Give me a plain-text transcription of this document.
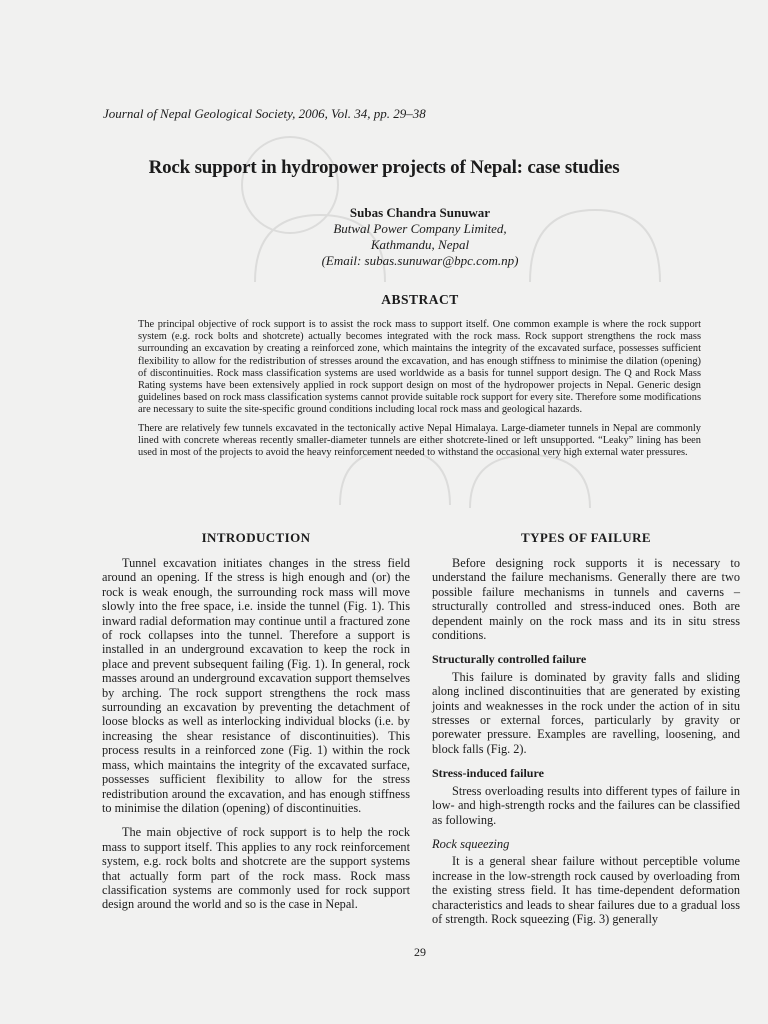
Journal of Nepal Geological Society, 2006, Vol. 34, pp. 29–38
Rock support in hydropower projects of Nepal: case studies
Subas Chandra Sunuwar
Butwal Power Company Limited,
Kathmandu, Nepal
(Email: subas.sunuwar@bpc.com.np)
ABSTRACT

The principal objective of rock support is to assist the rock mass to support itself. One common example is where the rock support system (e.g. rock bolts and shotcrete) actually becomes integrated with the rock mass. Rock support strengthens the rock mass surrounding an excavation by creating a reinforced zone, which maintains the integrity of the excavated surface, possesses sufficient flexibility to allow for the redistribution of stresses around the excavation, and has enough stiffness to minimise the dilation (opening) of discontinuities. Rock mass classification systems are used worldwide as a basis for tunnel support design. The Q and Rock Mass Rating systems have been extensively applied in rock support design on most of the hydropower projects in Nepal. Generic design guidelines based on rock mass classification systems cannot provide suitable rock support for every site. Therefore some modifications are necessary to suite the site-specific ground conditions including local rock mass and geological hazards.

There are relatively few tunnels excavated in the tectonically active Nepal Himalaya. Large-diameter tunnels in Nepal are commonly lined with concrete whereas recently smaller-diameter tunnels are either shotcrete-lined or left unsupported. “Leaky” lining has been used in most of the projects to avoid the heavy reinforcement needed to withstand the occasional very high external water pressures.

INTRODUCTION

Tunnel excavation initiates changes in the stress field around an opening. If the stress is high enough and (or) the rock is weak enough, the surrounding rock mass will move slowly into the free space, i.e. inside the tunnel (Fig. 1). This inward radial deformation may continue until a fractured zone of rock collapses into the tunnel. Therefore a support is installed in an underground excavation to keep the rock in place and prevent subsequent failing (Fig. 1). In general, rock masses around an underground excavation support themselves by arching. The rock support strengthens the rock mass surrounding an excavation by preventing the detachment of loose blocks as well as interlocking individual blocks (i.e. by increasing the shear resistance of discontinuities). This process results in a reinforced zone (Fig. 1) within the rock mass, which maintains the integrity of the excavated surface, possesses sufficient flexibility to allow for the stress redistribution around the excavation, and has enough stiffness to minimise the dilation (opening) of discontinuities.

The main objective of rock support is to help the rock mass to support itself. This applies to any rock reinforcement system, e.g. rock bolts and shotcrete are the support systems that actually form part of the rock mass. Rock mass classification systems are commonly used for rock support design around the world and so is the case in Nepal.

TYPES OF FAILURE

Before designing rock supports it is necessary to understand the failure mechanisms. Generally there are two possible failure mechanisms in tunnels and caverns – structurally controlled and stress-induced ones. Both are dependent mainly on the rock mass and its in situ stress conditions.

Structurally controlled failure

This failure is dominated by gravity falls and sliding along inclined discontinuities that are generated by existing joints and weaknesses in the rock under the action of in situ stresses or external forces, particularly by gravity or porewater pressure. Examples are ravelling, loosening, and block falls (Fig. 2).

Stress-induced failure

Stress overloading results into different types of failure in low- and high-strength rocks and the failures can be classified as following.

Rock squeezing

It is a general shear failure without perceptible volume increase in the low-strength rock caused by overloading from the existing stress field. It has time-dependent deformation characteristics and leads to shear failures due to a gradual loss of strength. Rock squeezing (Fig. 3) generally

29
